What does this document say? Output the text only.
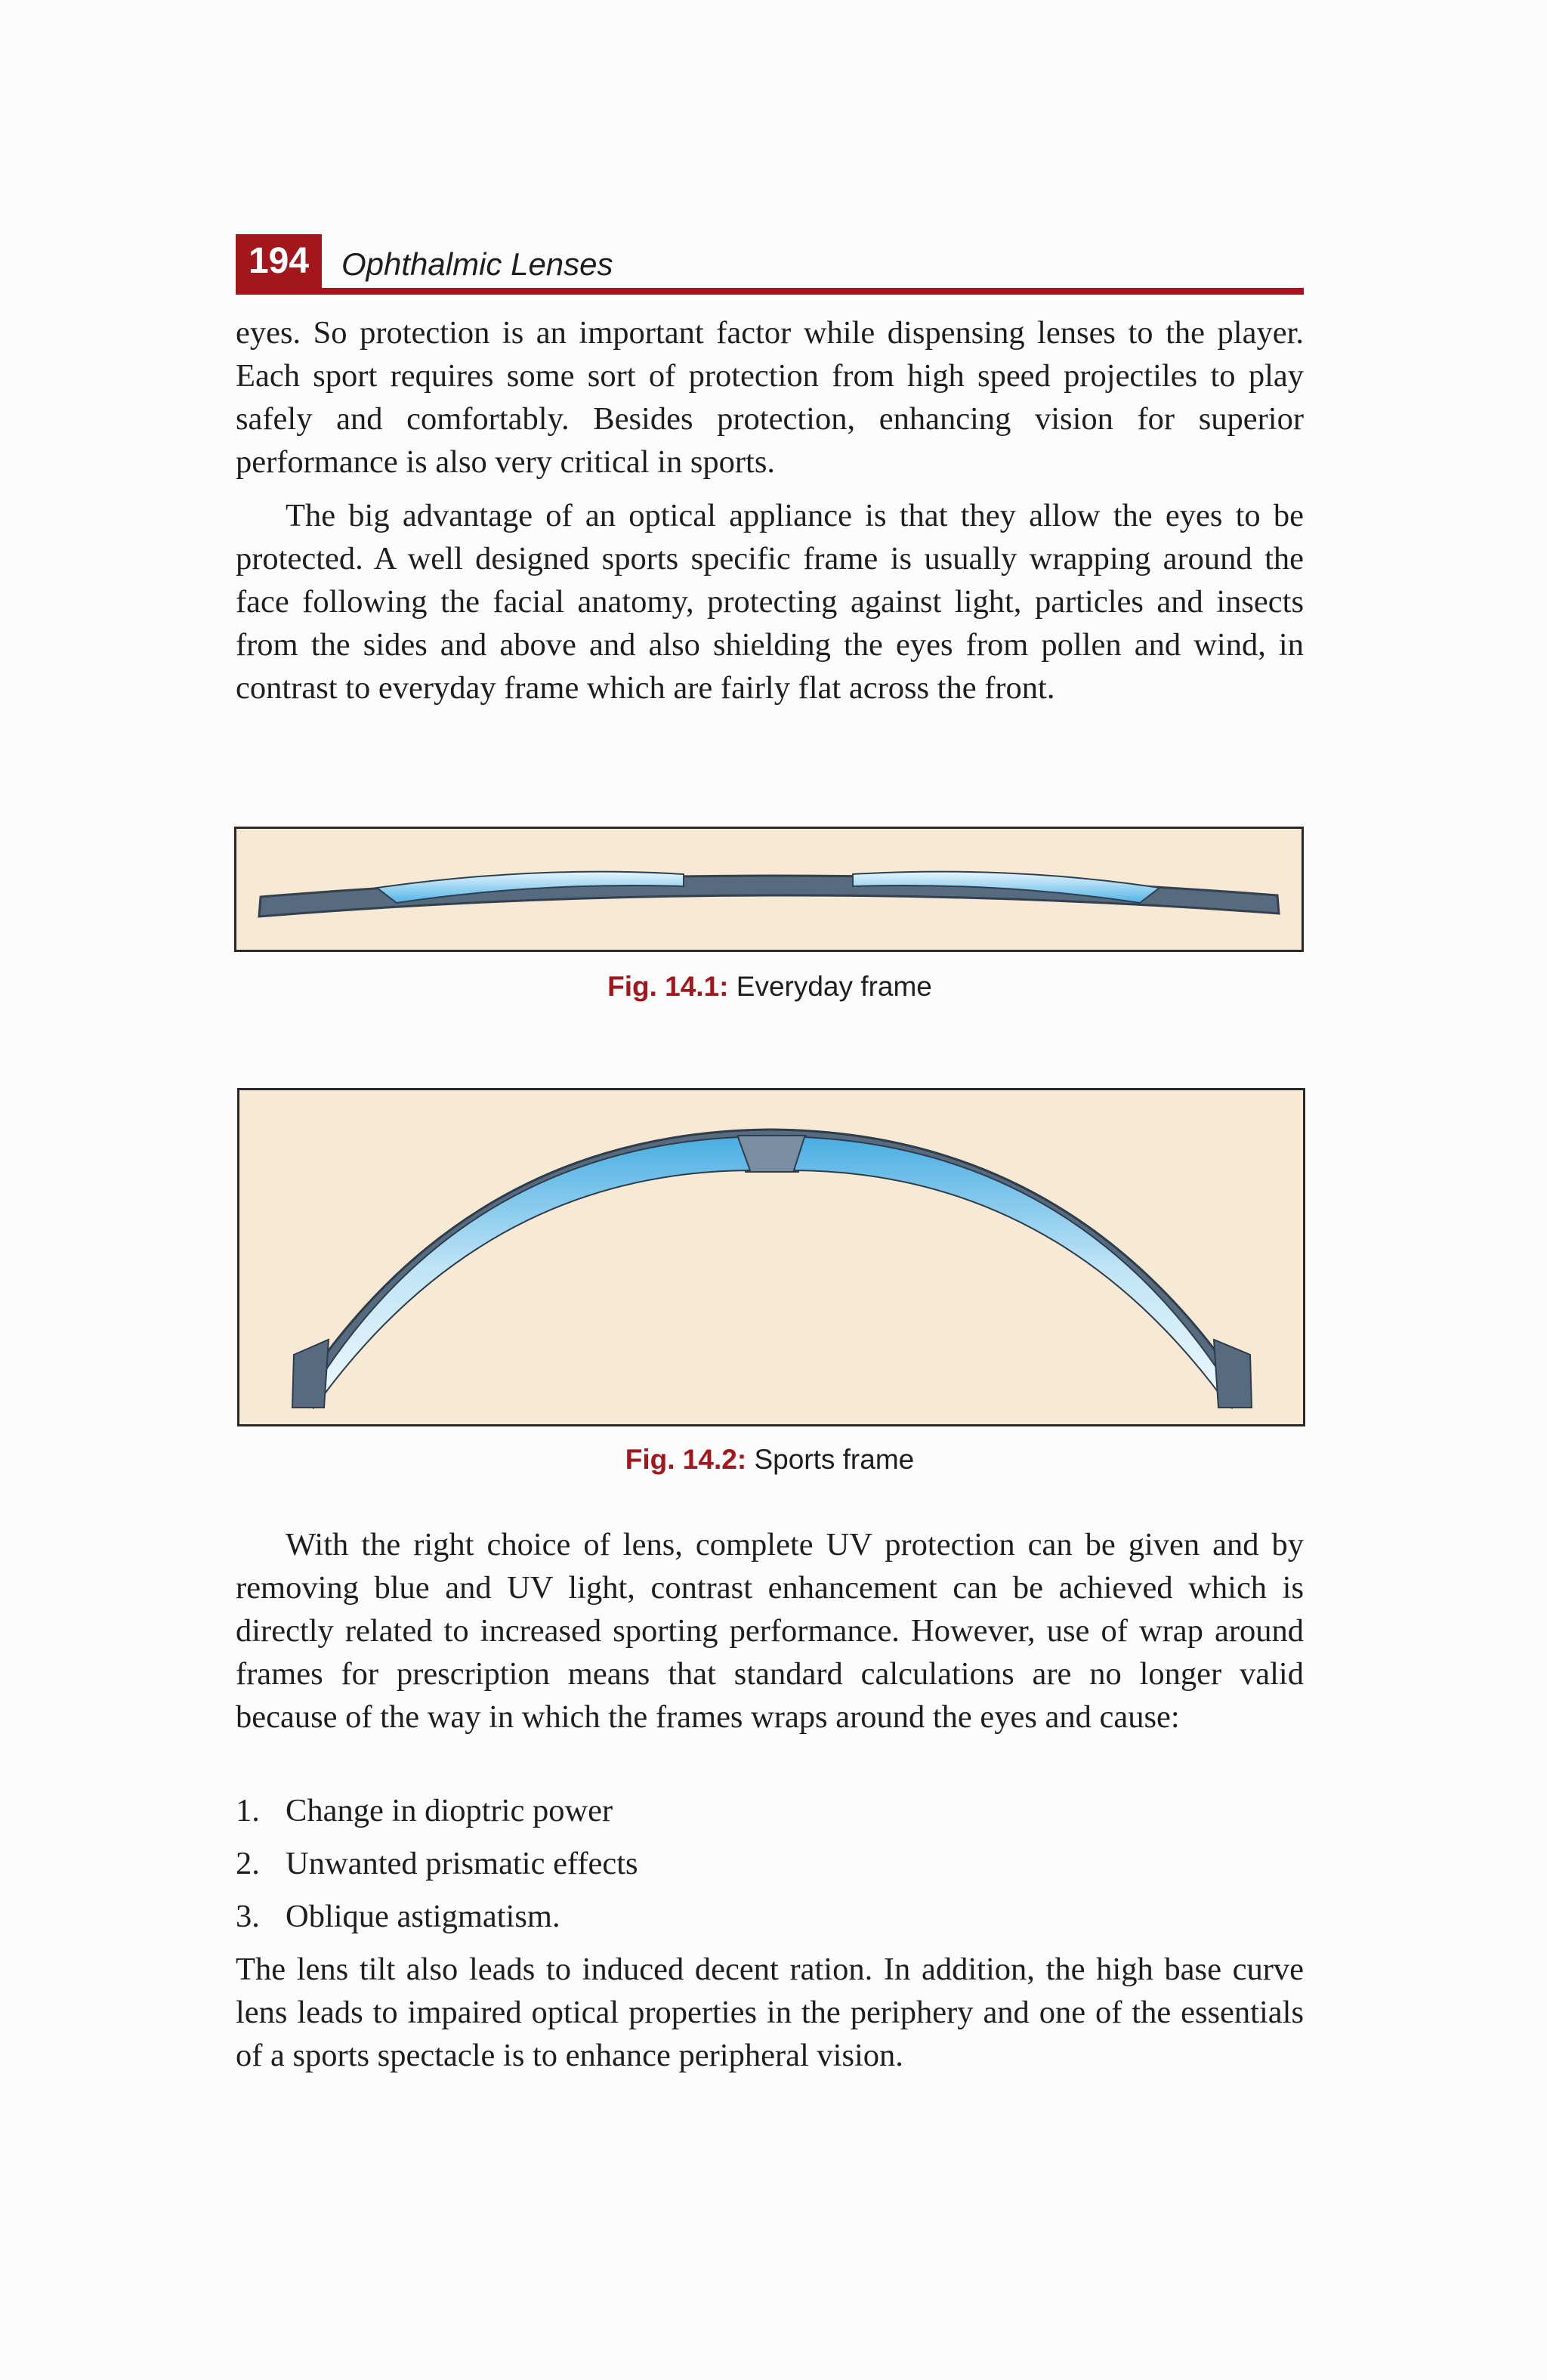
194	Ophthalmic Lenses

eyes. So protection is an important factor while dispensing lenses to the player. Each sport requires some sort of protection from high speed projectiles to play safely and comfortably. Besides protection, enhancing vision for superior performance is also very critical in sports.

The big advantage of an optical appliance is that they allow the eyes to be protected. A well designed sports specific frame is usually wrapping around the face following the facial anatomy, protecting against light, particles and insects from the sides and above and also shielding the eyes from pollen and wind, in contrast to everyday frame which are fairly flat across the front.

Fig. 14.1: Everyday frame
Fig. 14.2: Sports frame

With the right choice of lens, complete UV protection can be given and by removing blue and UV light, contrast enhancement can be achieved which is directly related to increased sporting performance. However, use of wrap around frames for prescription means that standard calculations are no longer valid because of the way in which the frames wraps around the eyes and cause:

1. Change in dioptric power
2. Unwanted prismatic effects
3. Oblique astigmatism.

The lens tilt also leads to induced decent ration. In addition, the high base curve lens leads to impaired optical properties in the periphery and one of the essentials of a sports spectacle is to enhance peripheral vision.
